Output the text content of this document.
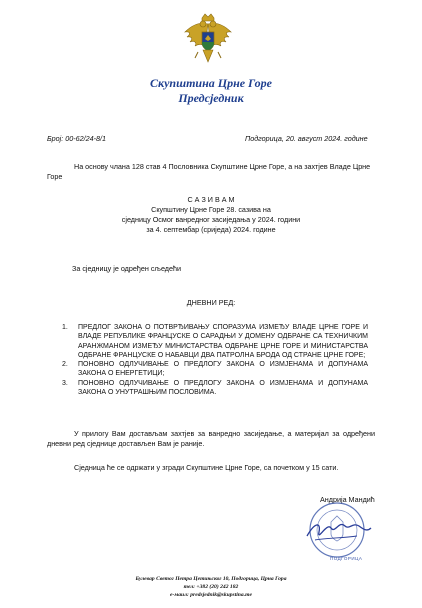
Скупштина Црне Горе
Предсједник
Број: 00-62/24-8/1	Подгорица, 20. август 2024. године
На основу члана 128 став 4 Пословника Скупштине Црне Горе, а на захтјев Владе Црне Горе
С А З И В А М
Скупштину Црне Горе 28. сазива на
сједницу Осмог ванредног засиједања у 2024. години
за 4. септембар (сриједа) 2024. године
За сједницу је одређен сљедећи
ДНЕВНИ РЕД:
1. ПРЕДЛОГ ЗАКОНА О ПОТВРЂИВАЊУ СПОРАЗУМА ИЗМЕЂУ ВЛАДЕ ЦРНЕ ГОРЕ И ВЛАДЕ РЕПУБЛИКЕ ФРАНЦУСКЕ О САРАДЊИ У ДОМЕНУ ОДБРАНЕ СА ТЕХНИЧКИМ АРАНЖМАНОМ ИЗМЕЂУ МИНИСТАРСТВА ОДБРАНЕ ЦРНЕ ГОРЕ И МИНИСТАРСТВА ОДБРАНЕ ФРАНЦУСКЕ О НАБАВЦИ ДВА ПАТРОЛНА БРОДА ОД СТРАНЕ ЦРНЕ ГОРЕ;
2. ПОНОВНО ОДЛУЧИВАЊЕ О ПРЕДЛОГУ ЗАКОНА О ИЗМЈЕНАМА И ДОПУНАМА ЗАКОНА О ЕНЕРГЕТИЦИ;
3. ПОНОВНО ОДЛУЧИВАЊЕ О ПРЕДЛОГУ ЗАКОНА О ИЗМЈЕНАМА И ДОПУНАМА ЗАКОНА О УНУТРАШЊИМ ПОСЛОВИМА.
У прилогу Вам достављам захтјев за ванредно засиједање, а материјал за одређени дневни ред сједнице достављен Вам је раније.
Сједница ће се одржати у згради Скупштине Црне Горе, са почетком у 15 сати.
Андрија Мандић
ПОДГОРИЦА
Булевар Светог Петра Цетињског 10, Подгорица, Црна Гора
тел: +382 (20) 242 182
е-маил: predsjednik@skupstina.me
